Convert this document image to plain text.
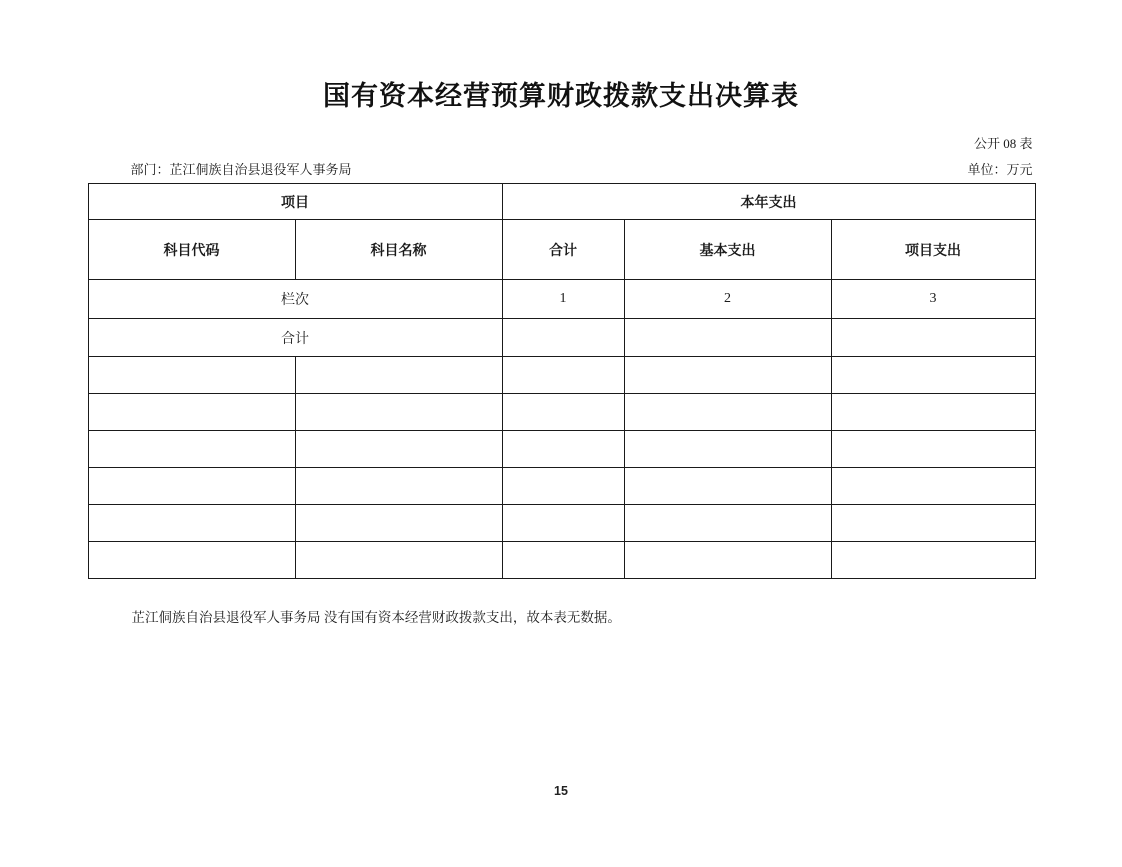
国有资本经营预算财政拨款支出决算表
公开 08 表
部门：芷江侗族自治县退役军人事务局	单位：万元
项目		本年支出		
科目代码	科目名称	合计	基本支出	项目支出
栏次		1	2	3
合计				

芷江侗族自治县退役军人事务局 没有国有资本经营财政拨款支出，故本表无数据。

15
